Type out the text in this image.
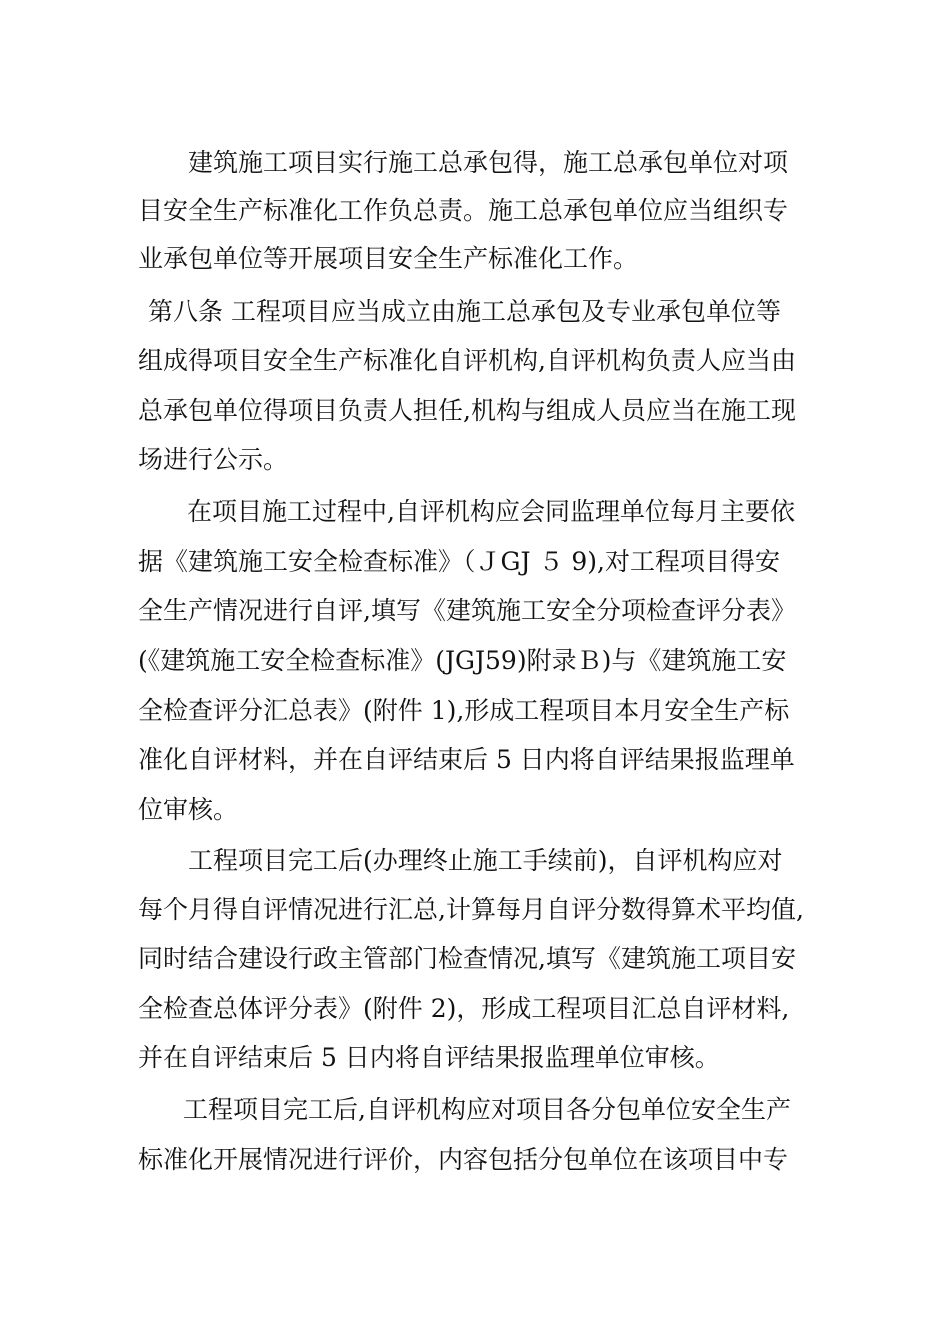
建筑施工项目实行施工总承包得，施工总承包单位对项
目安全生产标准化工作负总责。施工总承包单位应当组织专
业承包单位等开展项目安全生产标准化工作。
第八条 工程项目应当成立由施工总承包及专业承包单位等
组成得项目安全生产标准化自评机构,自评机构负责人应当由
总承包单位得项目负责人担任,机构与组成人员应当在施工现
场进行公示。
在项目施工过程中,自评机构应会同监理单位每月主要依
据《建筑施工安全检查标准》（ＪGJ ５ 9),对工程项目得安
全生产情况进行自评,填写《建筑施工安全分项检查评分表》
(《建筑施工安全检查标准》(JGJ59)附录Ｂ)与《建筑施工安
全检查评分汇总表》(附件 1),形成工程项目本月安全生产标
准化自评材料，并在自评结束后 5 日内将自评结果报监理单
位审核。
工程项目完工后(办理终止施工手续前)，自评机构应对
每个月得自评情况进行汇总,计算每月自评分数得算术平均值,
同时结合建设行政主管部门检查情况,填写《建筑施工项目安
全检查总体评分表》(附件 2)，形成工程项目汇总自评材料,
并在自评结束后 5 日内将自评结果报监理单位审核。
工程项目完工后,自评机构应对项目各分包单位安全生产
标准化开展情况进行评价，内容包括分包单位在该项目中专
